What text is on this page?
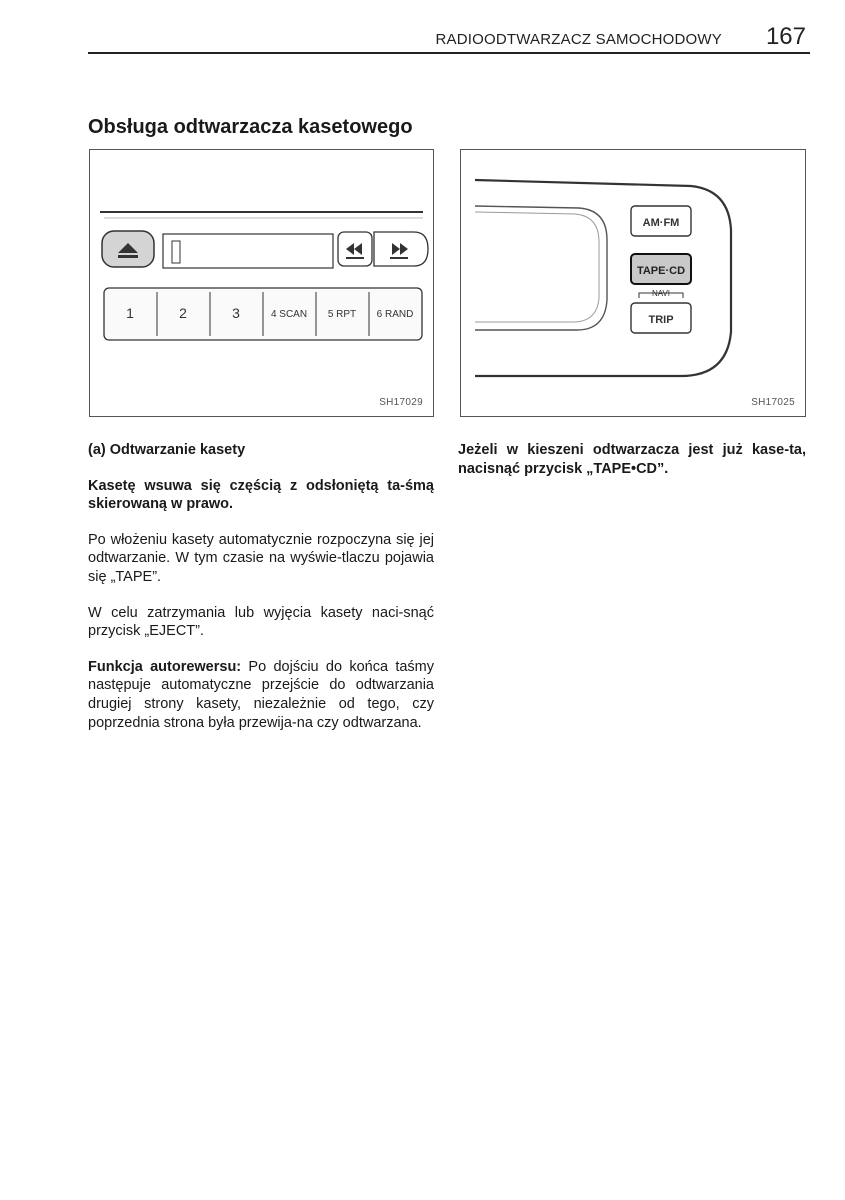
RADIOODTWARZACZ SAMOCHODOWY 167
Obsługa odtwarzacza kasetowego
1	2	3	4 SCAN 5 RPT 6 RAND
SH17029
AM·FM
TAPE·CD
NAVI
TRIP
SH17025
(a) Odtwarzanie kasety

Kasetę wsuwa się częścią z odsłoniętą ta-śmą skierowaną w prawo.

Po włożeniu kasety automatycznie rozpoczyna się jej odtwarzanie. W tym czasie na wyświe-tlaczu pojawia się „TAPE”.

W celu zatrzymania lub wyjęcia kasety naci-snąć przycisk „EJECT”.

Funkcja autorewersu: Po dojściu do końca taśmy następuje automatyczne przejście do odtwarzania drugiej strony kasety, niezależnie od tego, czy poprzednia strona była przewija-na czy odtwarzana.

Jeżeli w kieszeni odtwarzacza jest już kase-ta, nacisnąć przycisk „TAPE•CD”.
